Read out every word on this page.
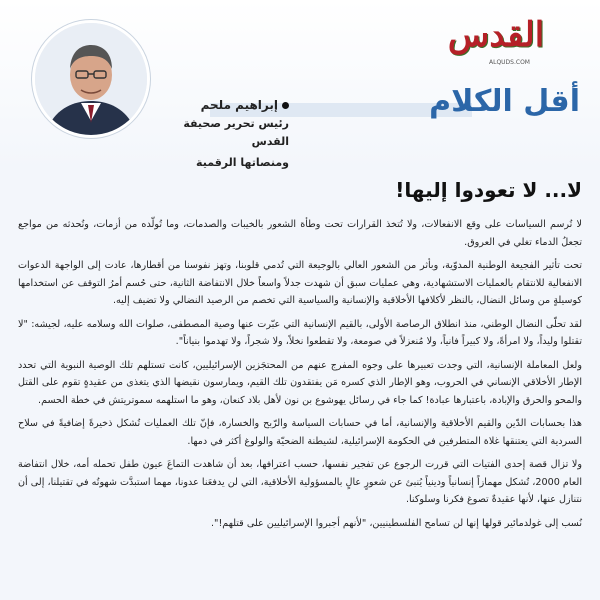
القدس
ALQUDS.COM
أقل الكلام
إبراهيم ملحم
رئيس تحرير صحيفة القدس
ومنصاتها الرقمية
لا... لا تعودوا إليها!

لا تُرسم السياسات على وقع الانفعالات، ولا تُتخذ القرارات تحت وطأة الشعور بالخيبات والصدمات، وما تُولّده من أزمات، وتُحدثه من مواجع تجعلُ الدماء تغلي في العروق.

تحت تأثير الفجيعة الوطنية المدوّية، وبأثر من الشعور العالي بالوجيعة التي تُدمي قلوبنا، وتهز نفوسنا من أقطارها، عادت إلى الواجهة الدعوات الانفعالية للانتقام بالعمليات الاستشهادية، وهي عمليات سبق أن شهدت جدلاً واسعاً خلال الانتفاضة الثانية، حتى حُسم أمرُ التوقف عن استخدامها كوسيلةٍ من وسائل النضال، بالنظر لأكلافها الأخلاقية والإنسانية والسياسية التي تخصم من الرصيد النضالي ولا تضيف إليه.

لقد تحلّى النضال الوطني، منذ انطلاق الرصاصة الأولى، بالقيم الإنسانية التي عبّرت عنها وصية المصطفى، صلوات الله وسلامه عليه، لجيشه: "لا تقتلوا وليداً، ولا امرأةً، ولا كبيراً فانياً، ولا مُنعزلاً في صومعة، ولا تقطعوا نخلاً، ولا شجراً، ولا تهدموا بنياناً".

ولعل المعاملة الإنسانية، التي وجدت تعبيرها على وجوه المفرج عنهم من المحتجَزين الإسرائيليين، كانت تستلهم تلك الوصية النبوية التي تحدد الإطار الأخلاقي الإنساني في الحروب، وهو الإطار الذي كسره مَن يفتقدون تلك القيم، ويمارسون نقيضها الذي يتغذى من عقيدةٍ تقوم على القتل والمحو والحرق والإبادة، باعتبارها عبادة! كما جاء في رسائل يهوشوع بن نون لأهل بلاد كنعان، وهو ما استلهمه سموتريتش في خطة الحسم.

هذا بحسابات الدّين والقيم الأخلاقية والإنسانية، أما في حسابات السياسة والرّبح والخسارة، فإنّ تلك العمليات تُشكل ذخيرةً إضافيةً في سلاح السردية التي يعتنقها غلاة المتطرفين في الحكومة الإسرائيلية، لشيطنة الضحيّة والولوغ أكثر في دمها.

ولا تزال قصة إحدى الفتيات التي قررت الرجوع عن تفجير نفسها، حسب اعترافها، بعد أن شاهدت التماعَ عيون طفل تحمله أمه، خلال انتفاضة العام 2000، تُشكل مهمازاً إنسانياً ودينياً يُنبئ عن شعورٍ عالٍ بالمسؤولية الأخلاقية، التي لن يدفعَنا عدونا، مهما استبدَّت شهوتُه في تقتيلنا، إلى أن نتنازل عنها، لأنها عقيدةٌ تصوغ فكرنا وسلوكنا.

نُسب إلى غولدمائير قولها إنها لن تسامح الفلسطينيين، "لأنهم أجبروا الإسرائيليين على قتلهم!".
